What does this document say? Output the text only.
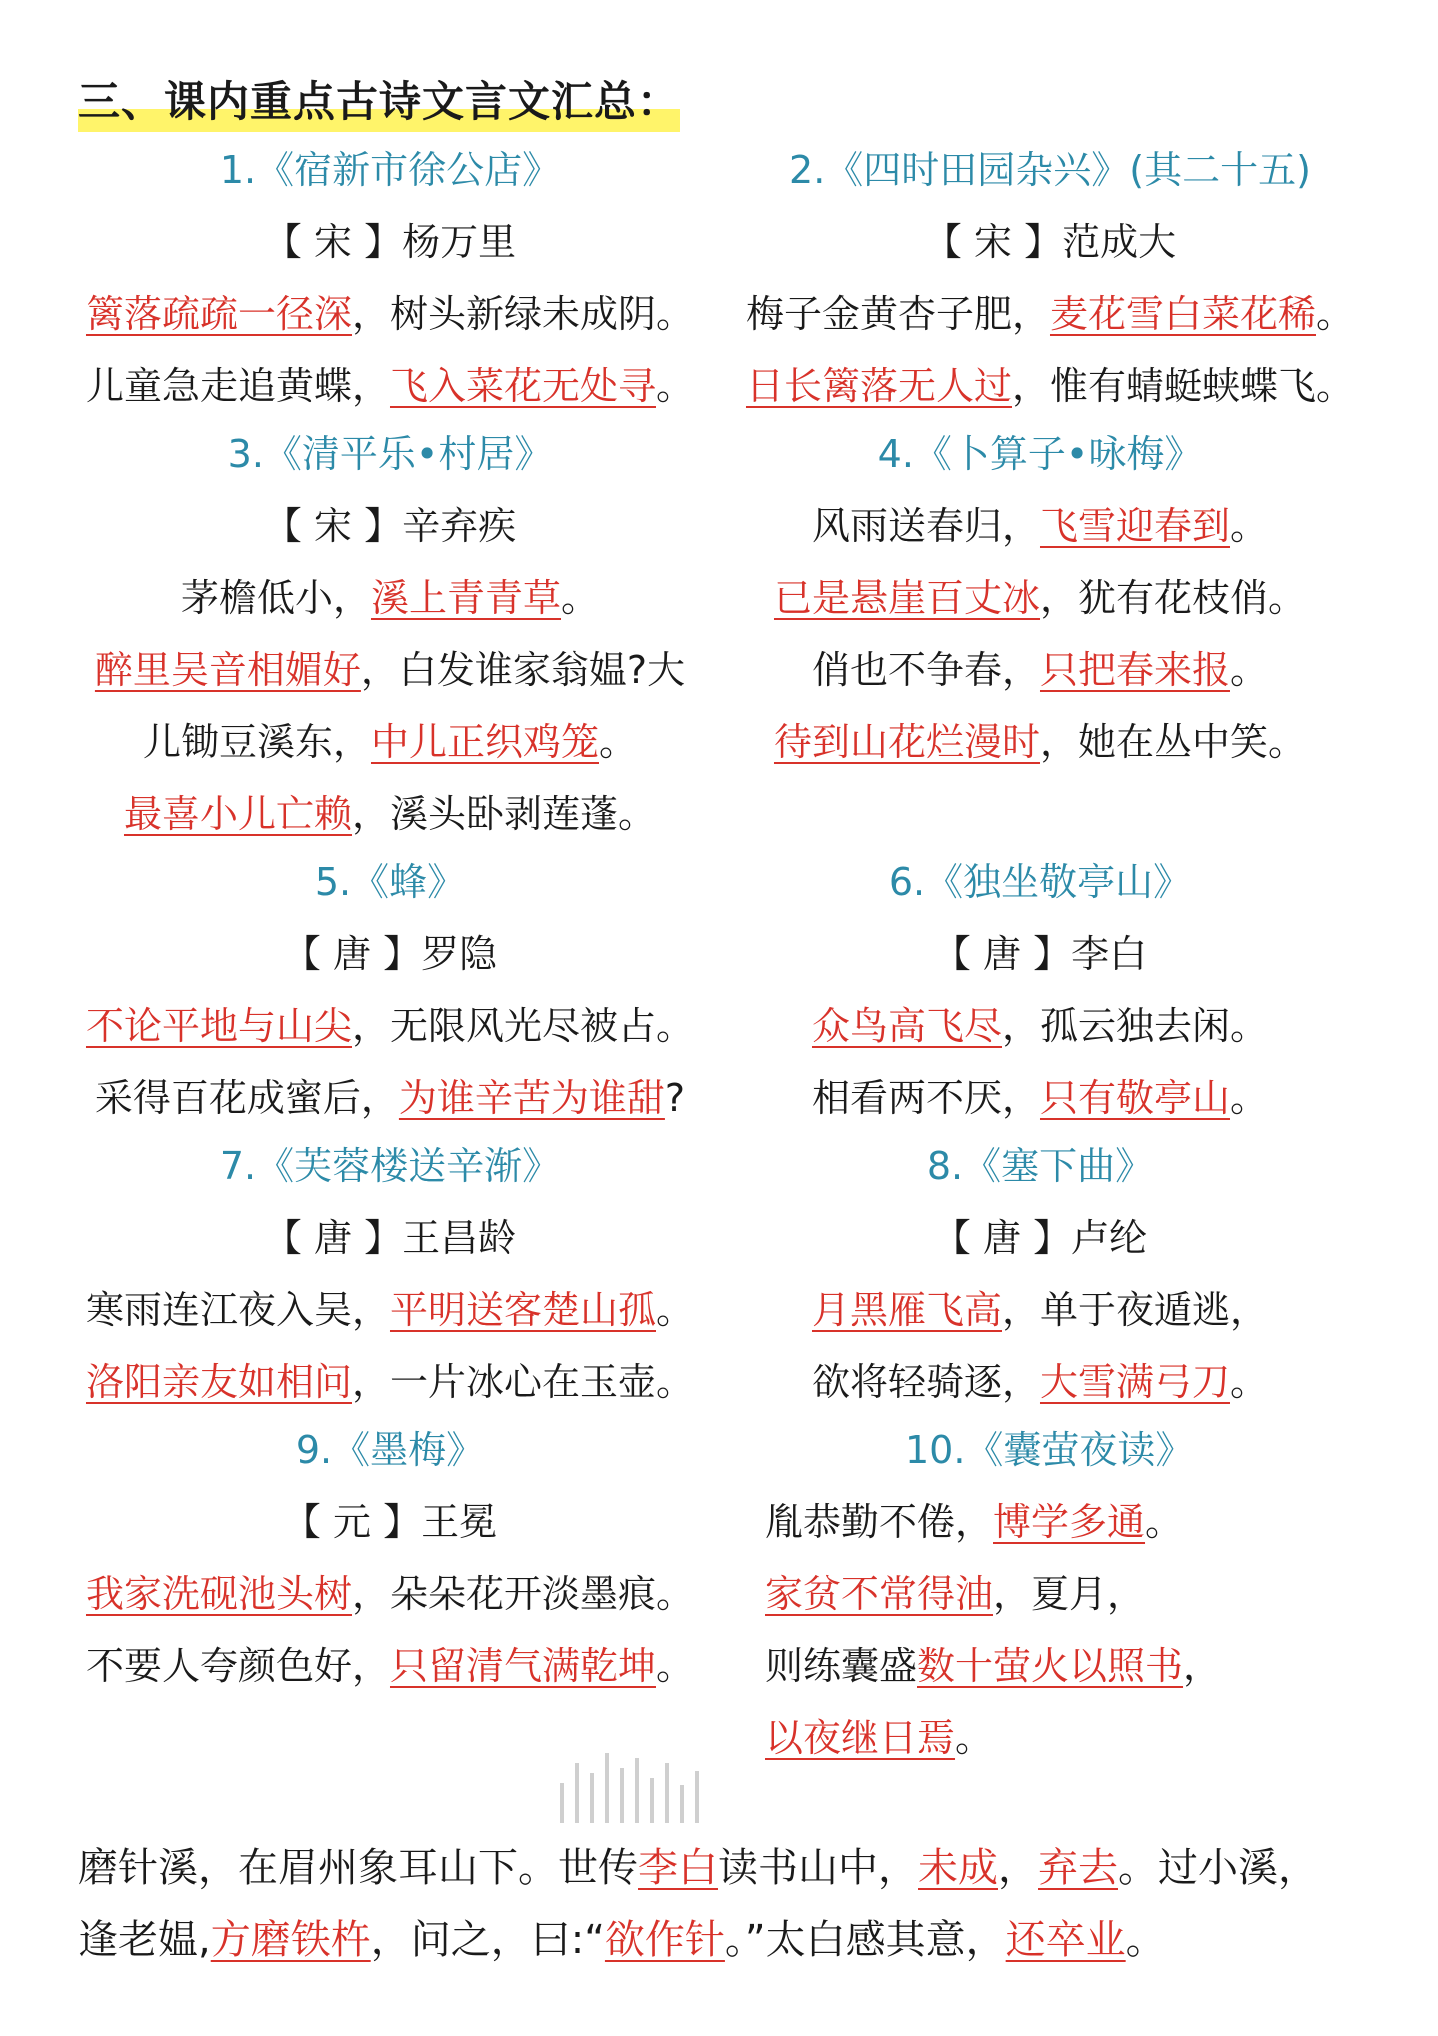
三、课内重点古诗文言文汇总：
1.《宿新市徐公店》
【 宋 】杨万里
篱落疏疏一径深，树头新绿未成阴。
儿童急走追黄蝶，飞入菜花无处寻。
3.《清平乐•村居》
【 宋 】辛弃疾
茅檐低小，溪上青青草。
醉里吴音相媚好，白发谁家翁媪?大
儿锄豆溪东，中儿正织鸡笼。
最喜小儿亡赖，溪头卧剥莲蓬。
5.《蜂》
【 唐 】罗隐
不论平地与山尖，无限风光尽被占。
采得百花成蜜后，为谁辛苦为谁甜?
7.《芙蓉楼送辛渐》
【 唐 】王昌龄
寒雨连江夜入吴，平明送客楚山孤。
洛阳亲友如相问，一片冰心在玉壶。
9.《墨梅》
【 元 】王冕
我家洗砚池头树，朵朵花开淡墨痕。
不要人夸颜色好，只留清气满乾坤。
2.《四时田园杂兴》(其二十五)
【 宋 】范成大
梅子金黄杏子肥，麦花雪白菜花稀。
日长篱落无人过，惟有蜻蜓蛱蝶飞。
4.《卜算子•咏梅》
风雨送春归，飞雪迎春到。
已是悬崖百丈冰，犹有花枝俏。
俏也不争春，只把春来报。
待到山花烂漫时，她在丛中笑。
6.《独坐敬亭山》
【 唐 】李白
众鸟高飞尽，孤云独去闲。
相看两不厌，只有敬亭山。
8.《塞下曲》
【 唐 】卢纶
月黑雁飞高，单于夜遁逃，
欲将轻骑逐，大雪满弓刀。
10.《囊萤夜读》
胤恭勤不倦，博学多通。
家贫不常得油，夏月，
则练囊盛数十萤火以照书，
以夜继日焉。
磨针溪，在眉州象耳山下。世传李白读书山中，未成，弃去。过小溪，
逢老媪,方磨铁杵，问之，曰:“欲作针。”太白感其意，还卒业。
